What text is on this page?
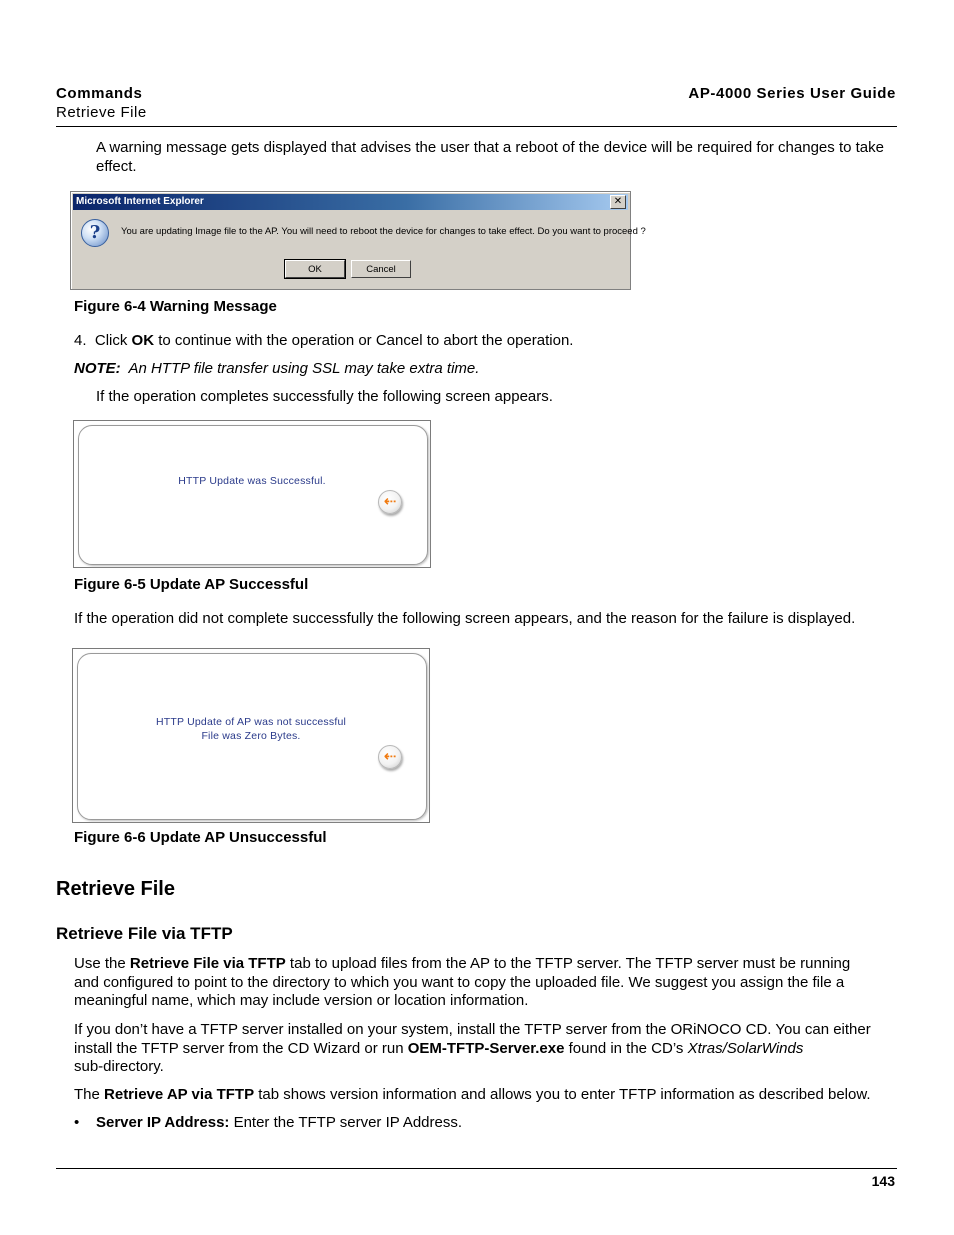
Commands
Retrieve File
AP-4000 Series User Guide
A warning message gets displayed that advises the user that a reboot of the device will be required for changes to take effect.
Microsoft Internet Explorer	✕
?	You are updating Image file to the AP. You will need to reboot the device for changes to take effect. Do you want to proceed ?
OK	Cancel
Figure 6-4 Warning Message
4. Click OK to continue with the operation or Cancel to abort the operation.
NOTE: An HTTP file transfer using SSL may take extra time.
If the operation completes successfully the following screen appears.
HTTP Update was Successful.
⇠
Figure 6-5 Update AP Successful
If the operation did not complete successfully the following screen appears, and the reason for the failure is displayed.
HTTP Update of AP was not successful
File was Zero Bytes.
⇠
Figure 6-6 Update AP Unsuccessful
Retrieve File
Retrieve File via TFTP
Use the Retrieve File via TFTP tab to upload files from the AP to the TFTP server. The TFTP server must be running
and configured to point to the directory to which you want to copy the uploaded file. We suggest you assign the file a
meaningful name, which may include version or location information.
If you don’t have a TFTP server installed on your system, install the TFTP server from the ORiNOCO CD. You can either
install the TFTP server from the CD Wizard or run OEM-TFTP-Server.exe found in the CD’s Xtras/SolarWinds
sub-directory.
The Retrieve AP via TFTP tab shows version information and allows you to enter TFTP information as described below.
• Server IP Address: Enter the TFTP server IP Address.
143
